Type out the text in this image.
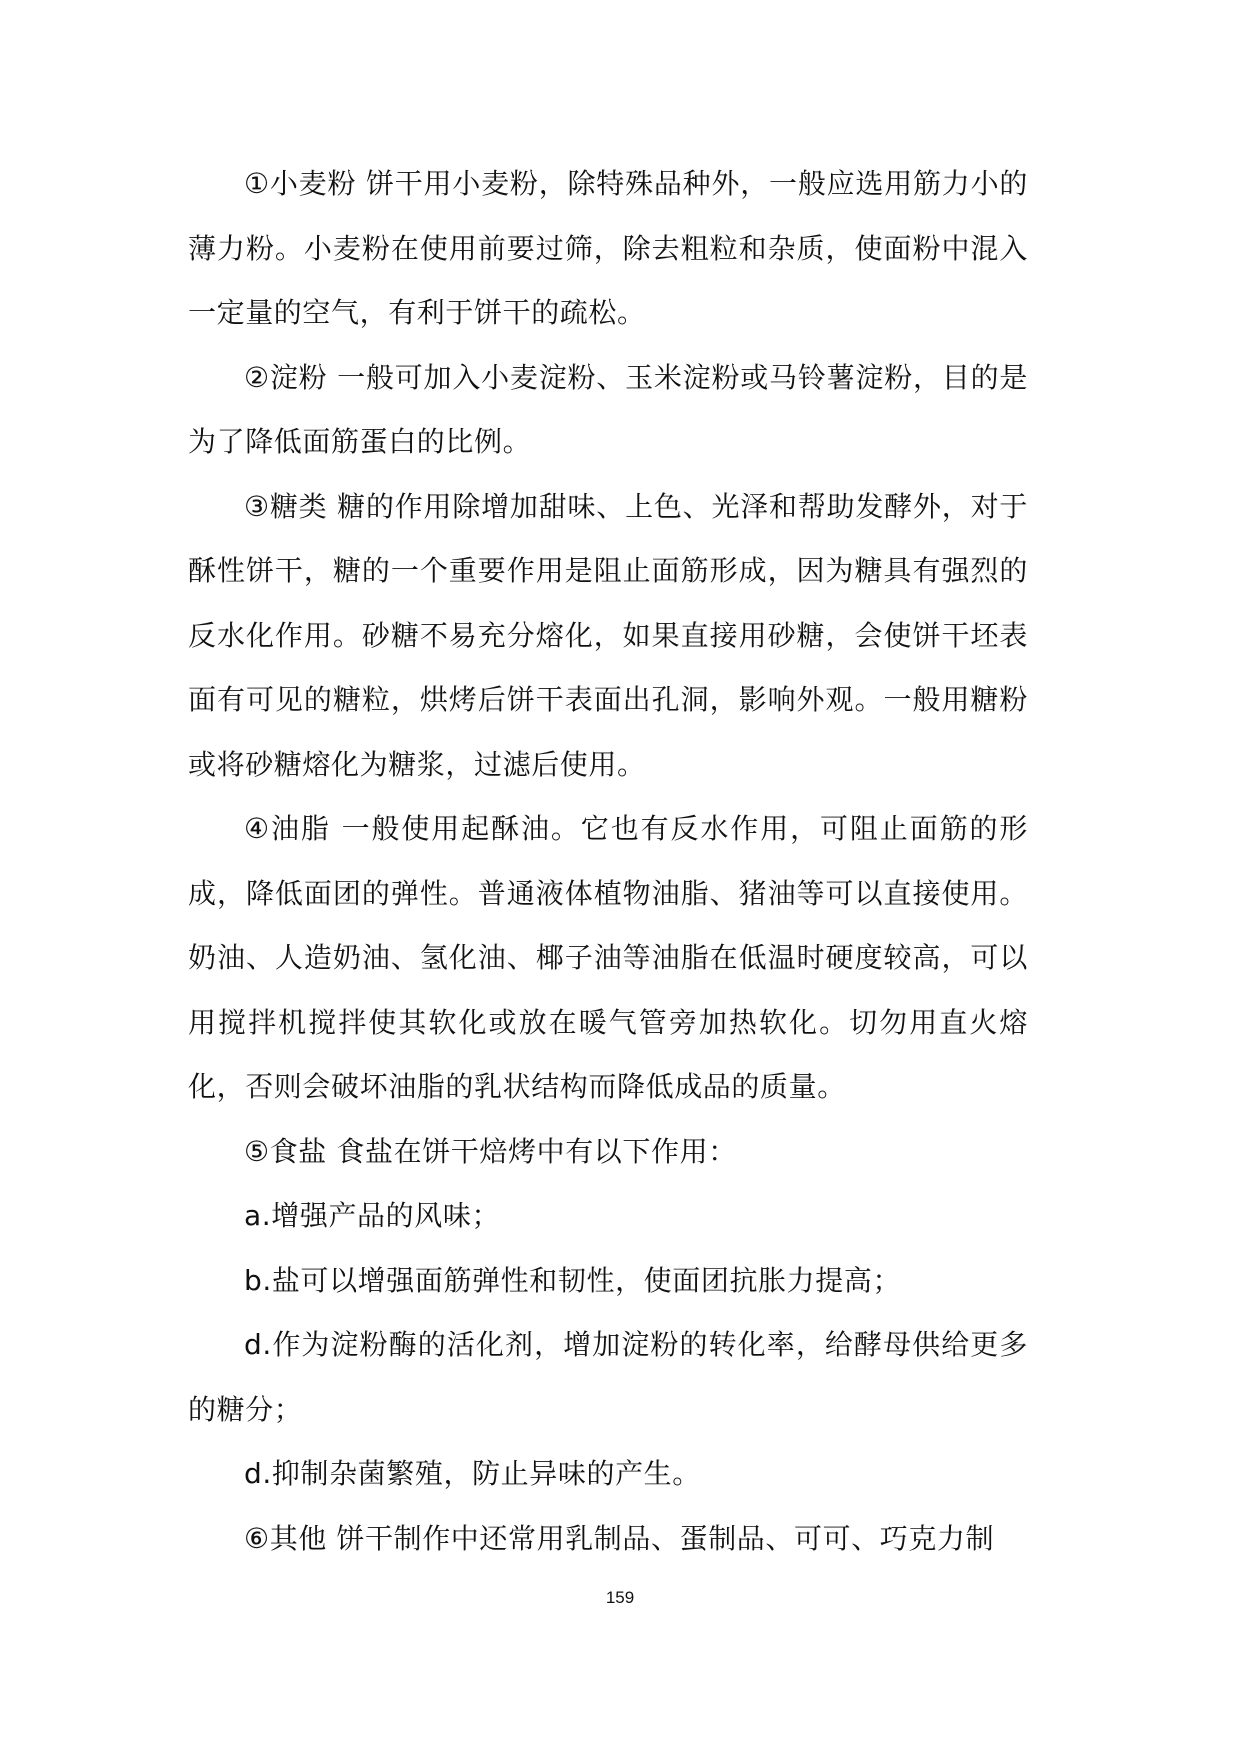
①小麦粉 饼干用小麦粉，除特殊品种外，一般应选用筋力小的薄力粉。小麦粉在使用前要过筛，除去粗粒和杂质，使面粉中混入一定量的空气，有利于饼干的疏松。

②淀粉 一般可加入小麦淀粉、玉米淀粉或马铃薯淀粉，目的是为了降低面筋蛋白的比例。

③糖类 糖的作用除增加甜味、上色、光泽和帮助发酵外，对于酥性饼干，糖的一个重要作用是阻止面筋形成，因为糖具有强烈的反水化作用。砂糖不易充分熔化，如果直接用砂糖，会使饼干坯表面有可见的糖粒，烘烤后饼干表面出孔洞，影响外观。一般用糖粉或将砂糖熔化为糖浆，过滤后使用。

④油脂 一般使用起酥油。它也有反水作用，可阻止面筋的形成，降低面团的弹性。普通液体植物油脂、猪油等可以直接使用。奶油、人造奶油、氢化油、椰子油等油脂在低温时硬度较高，可以用搅拌机搅拌使其软化或放在暖气管旁加热软化。切勿用直火熔化，否则会破坏油脂的乳状结构而降低成品的质量。

⑤食盐 食盐在饼干焙烤中有以下作用：

a.增强产品的风味；

b.盐可以增强面筋弹性和韧性，使面团抗胀力提高；

d.作为淀粉酶的活化剂，增加淀粉的转化率，给酵母供给更多的糖分；

d.抑制杂菌繁殖，防止异味的产生。

⑥其他 饼干制作中还常用乳制品、蛋制品、可可、巧克力制

159
